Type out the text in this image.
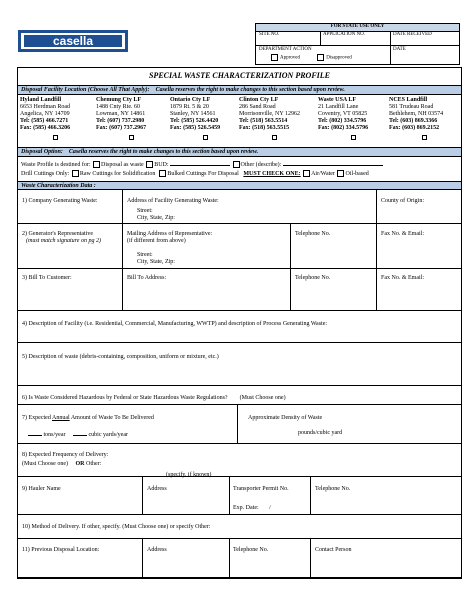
casella
FOR STATE USE ONLY
SITE NO.	APPLICATION NO.	DATE RECEIVED
DEPARTMENT ACTION
Approved	Disapproved
DATE
SPECIAL WASTE CHARACTERIZATION PROFILE
Disposal Facility Location (Choose All That Apply): Casella reserves the right to make changes to this section based upon review.
Hyland Landfill
6653 Herdman Road
Angelica, NY 14709
Tel: (585) 466.7271
Fax: (585) 466.3206
Chemung Cty LF
1488 Cnty Rte. 60
Lowman, NY 14861
Tel: (607) 737.2980
Fax: (607) 737.2967
Ontario Cty LF
1879 Rt. 5 & 20
Stanley, NY 14561
Tel: (585) 526.4420
Fax: (585) 526.5459
Clinton Cty LF
286 Sand Road
Morrisonville, NY 12962
Tel: (518) 563.5514
Fax: (518) 563.5515
Waste USA LF
21 Landfill Lane
Coventry, VT 05825
Tel: (802) 334.5796
Fax: (802) 334.5796
NCES Landfill
581 Trudeau Road
Bethlehem, NH 03574
Tel: (603) 869.3366
Fax: (603) 869.2152
Disposal Option: Casella reserves the right to make changes to this section based upon review.
Waste Profile is destined for: Disposal as waste BUD:	Other (describe):
Drill Cuttings Only: Raw Cuttings for Solidification Bulked Cuttings For Disposal MUST CHECK ONE: Air/Water Oil-based
Waste Characterization Data :
1) Company Generating Waste:	Address of Facility Generating Waste:
Street:
City, State, Zip:
County of Origin:
2) Generator's Representative
(must match signature on pg 2)
Mailing Address of Representative:
(if different from above)
Street:
City, State, Zip:
Telephone No.	Fax No. & Email:
3) Bill To Customer:	Bill To Address:	Telephone No.	Fax No. & Email:
4) Description of Facility (i.e. Residential, Commercial, Manufacturing, WWTP) and description of Process Generating Waste:
5) Description of waste (debris-containing, composition, uniform or mixture, etc.)
6) Is Waste Considered Hazardous by Federal or State Hazardous Waste Regulations? (Must Choose one)
7) Expected Annual Amount of Waste To Be Delivered
tons/year	cubic yards/year
Approximate Density of Waste
pounds/cubic yard
8) Expected Frequency of Delivery:
(Must Choose one) OR Other:
(specify, if known)
9) Hauler Name	Address	Transporter Permit No.
Exp. Date: /
Telephone No.
10) Method of Delivery. If other, specify. (Must Choose one) or specify Other:
11) Previous Disposal Location:	Address	Telephone No.	Contact Person
